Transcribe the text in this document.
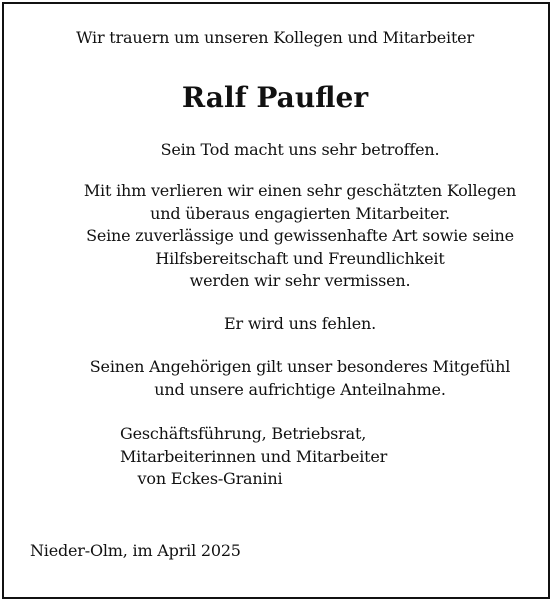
Wir trauern um unseren Kollegen und Mitarbeiter
Ralf Paufler
Sein Tod macht uns sehr betroffen.
Mit ihm verlieren wir einen sehr geschätzten Kollegen
und überaus engagierten Mitarbeiter.
Seine zuverlässige und gewissenhafte Art sowie seine
Hilfsbereitschaft und Freundlichkeit
werden wir sehr vermissen.
Er wird uns fehlen.
Seinen Angehörigen gilt unser besonderes Mitgefühl
und unsere aufrichtige Anteilnahme.
Geschäftsführung, Betriebsrat,
Mitarbeiterinnen und Mitarbeiter
von Eckes-Granini
Nieder-Olm, im April 2025
